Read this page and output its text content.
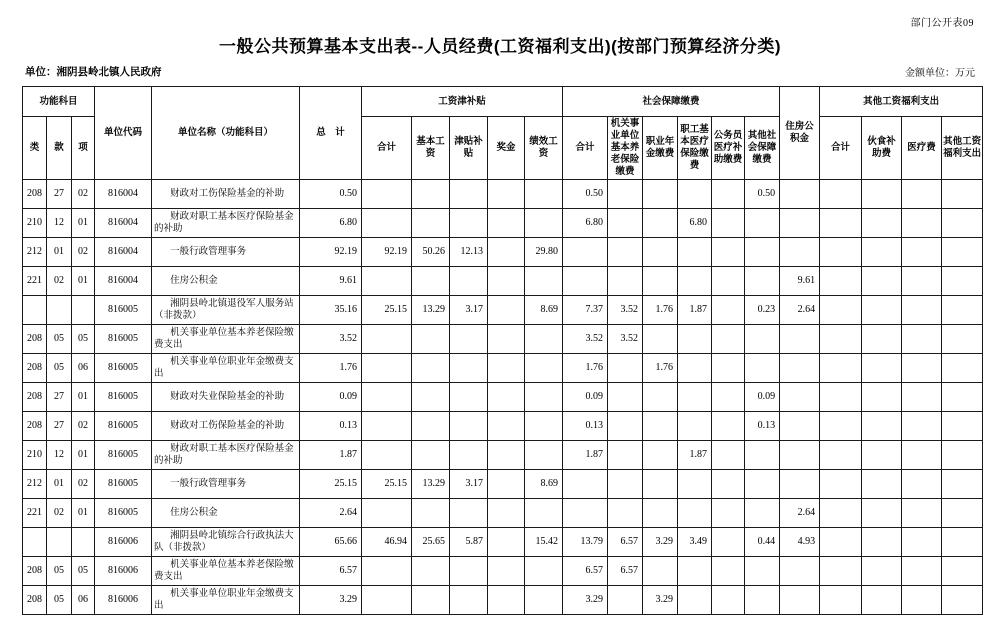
部门公开表09
一般公共预算基本支出表--人员经费(工资福利支出)(按部门预算经济分类)
单位：湘阴县岭北镇人民政府	金额单位：万元
功能科目			单位代码	单位名称（功能科目）	总　计	工资津补贴					社会保障缴费						住房公积金	其他工资福利支出			
类	款	项				合计	基本工资	津贴补贴	奖金	绩效工资	合计	机关事业单位基本养老保险缴费	职业年金缴费	职工基本医疗保险缴费	公务员医疗补助缴费	其他社会保障缴费		合计	伙食补助费	医疗费	其他工资福利支出
208	27	02	816004	财政对工伤保险基金的补助	0.50						0.50					0.50					
210	12	01	816004	财政对职工基本医疗保险基金的补助	6.80						6.80			6.80							
212	01	02	816004	一般行政管理事务	92.19	92.19	50.26	12.13		29.80											
221	02	01	816004	住房公积金	9.61												9.61				
			816005	湘阴县岭北镇退役军人服务站（非拨款）	35.16	25.15	13.29	3.17		8.69	7.37	3.52	1.76	1.87		0.23	2.64				
208	05	05	816005	机关事业单位基本养老保险缴费支出	3.52						3.52	3.52									
208	05	06	816005	机关事业单位职业年金缴费支出	1.76						1.76		1.76								
208	27	01	816005	财政对失业保险基金的补助	0.09						0.09					0.09					
208	27	02	816005	财政对工伤保险基金的补助	0.13						0.13					0.13					
210	12	01	816005	财政对职工基本医疗保险基金的补助	1.87						1.87			1.87							
212	01	02	816005	一般行政管理事务	25.15	25.15	13.29	3.17		8.69											
221	02	01	816005	住房公积金	2.64												2.64				
			816006	湘阴县岭北镇综合行政执法大队（非拨款）	65.66	46.94	25.65	5.87		15.42	13.79	6.57	3.29	3.49		0.44	4.93				
208	05	05	816006	机关事业单位基本养老保险缴费支出	6.57						6.57	6.57									
208	05	06	816006	机关事业单位职业年金缴费支出	3.29						3.29		3.29								
